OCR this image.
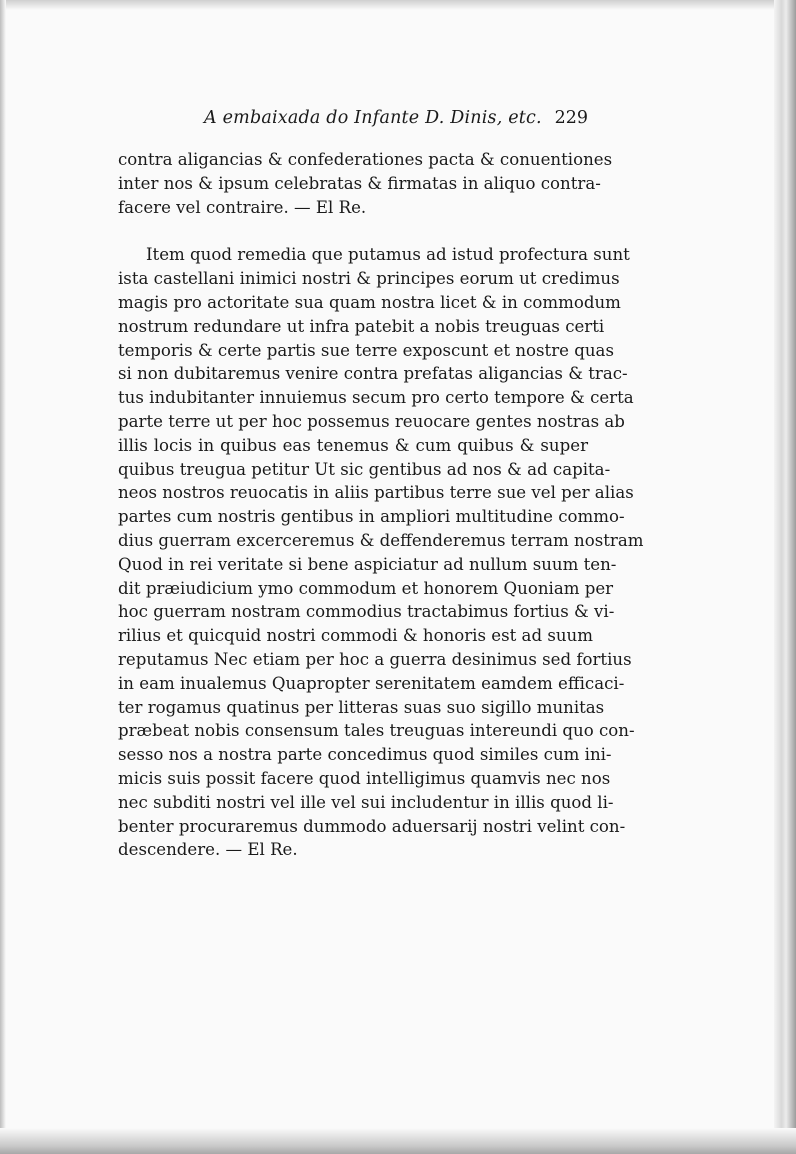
A embaixada do Infante D. Dinis, etc. 229
contra aligancias & confederationes pacta & conuentiones
inter nos & ipsum celebratas & firmatas in aliquo contra-
facere vel contraire. — El Re.
Item quod remedia que putamus ad istud profectura sunt
ista castellani inimici nostri & principes eorum ut credimus
magis pro actoritate sua quam nostra licet & in commodum
nostrum redundare ut infra patebit a nobis treuguas certi
temporis & certe partis sue terre exposcunt et nostre quas
si non dubitaremus venire contra prefatas aligancias & trac-
tus indubitanter innuiemus secum pro certo tempore & certa
parte terre ut per hoc possemus reuocare gentes nostras ab
illis locis in quibus eas tenemus & cum quibus & super
quibus treugua petitur Ut sic gentibus ad nos & ad capita-
neos nostros reuocatis in aliis partibus terre sue vel per alias
partes cum nostris gentibus in ampliori multitudine commo-
dius guerram excerceremus & deffenderemus terram nostram
Quod in rei veritate si bene aspiciatur ad nullum suum ten-
dit præiudicium ymo commodum et honorem Quoniam per
hoc guerram nostram commodius tractabimus fortius & vi-
rilius et quicquid nostri commodi & honoris est ad suum
reputamus Nec etiam per hoc a guerra desinimus sed fortius
in eam inualemus Quapropter serenitatem eamdem efficaci-
ter rogamus quatinus per litteras suas suo sigillo munitas
præbeat nobis consensum tales treuguas intereundi quo con-
sesso nos a nostra parte concedimus quod similes cum ini-
micis suis possit facere quod intelligimus quamvis nec nos
nec subditi nostri vel ille vel sui includentur in illis quod li-
benter procuraremus dummodo aduersarij nostri velint con-
descendere. — El Re.
